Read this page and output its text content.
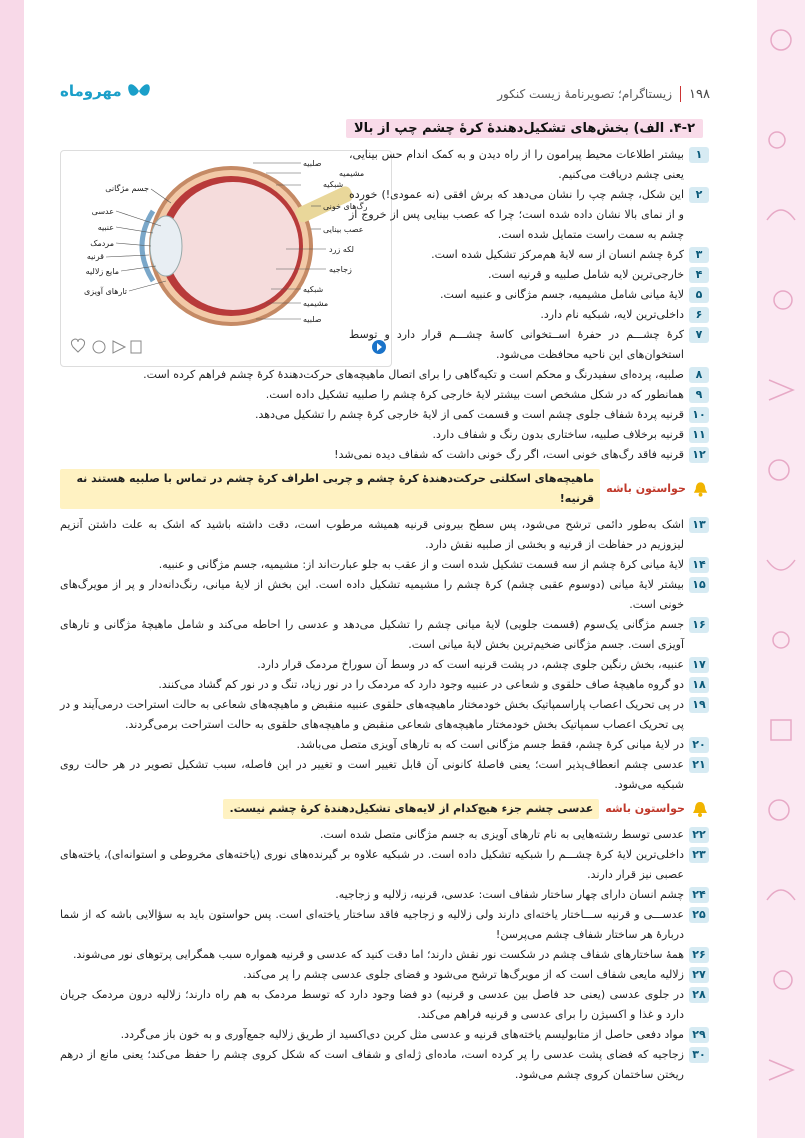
مهروماه	۱۹۸
زیستاگرام؛ تصویرنامهٔ زیست کنکور
۴-۲. الف) بخش‌های تشکیل‌دهندهٔ کرهٔ چشم چپ از بالا
صلبیه
مشیمیه
شبکیه
رگ‌های خونی
عصب بینایی
لکه زرد
زجاجیه
شبکیه
مشیمیه
صلبیه
جسم مژگانی
عدسی
عنبیه
مردمک
قرنیه
مایع زلالیه
تارهای آویزی
۱
بیشتر اطلاعات محیط پیرامون را از راه دیدن و به کمک اندام حس بینایی، یعنی چشم دریافت می‌کنیم.
۲
این شکل، چشم چپ را نشان می‌دهد که برش افقی (نه عمودی!) خورده و از نمای بالا نشان داده شده است؛ چرا که عصب بینایی پس از خروج از چشم به سمت راست متمایل شده است.
۳
کرهٔ چشم انسان از سه لایهٔ هم‌مرکز تشکیل شده است.
۴
خارجی‌ترین لایه شامل صلبیه و قرنیه است.
۵
لایهٔ میانی شامل مشیمیه، جسم مژگانی و عنبیه است.
۶
داخلی‌ترین لایه، شبکیه نام دارد.
۷
کرهٔ چشـــم در حفرهٔ اســتخوانی کاسهٔ چشـــم قرار دارد و توسط استخوان‌های این ناحیه محافظت می‌شود.
۸
صلبیه، پرده‌ای سفیدرنگ و محکم است و تکیه‌گاهی را برای اتصال ماهیچه‌های حرکت‌دهندهٔ کرهٔ چشم فراهم کرده است.
۹
همانطور که در شکل مشخص است بیشتر لایهٔ خارجی کرهٔ چشم را صلبیه تشکیل داده است.
۱۰
قرنیه پردهٔ شفاف جلوی چشم است و قسمت کمی از لایهٔ خارجی کرهٔ چشم را تشکیل می‌دهد.
۱۱
قرنیه برخلاف صلبیه، ساختاری بدون رنگ و شفاف دارد.
۱۲
قرنیه فاقد رگ‌های خونی است، اگر رگ خونی داشت که شفاف دیده نمی‌شد!
حواستون باشه
ماهیچه‌های اسکلتی حرکت‌دهندهٔ کرهٔ چشم و چربی اطراف کرهٔ چشم در تماس با صلبیه هستند نه قرنیه!
۱۳
اشک به‌طور دائمی ترشح می‌شود، پس سطح بیرونی قرنیه همیشه مرطوب است، دقت داشته باشید که اشک به علت داشتن آنزیم لیزوزیم در حفاظت از قرنیه و بخشی از صلبیه نقش دارد.
۱۴
لایهٔ میانی کرهٔ چشم از سه قسمت تشکیل شده است و از عقب به جلو عبارت‌اند از: مشیمیه، جسم مژگانی و عنبیه.
۱۵
بیشتر لایهٔ میانی (دوسوم عقبی چشم) کرهٔ چشم را مشیمیه تشکیل داده است. این بخش از لایهٔ میانی، رنگ‌دانه‌دار و پر از مویرگ‌های خونی است.
۱۶
جسم مژگانی یک‌سوم (قسمت جلویی) لایهٔ میانی چشم را تشکیل می‌دهد و عدسی را احاطه می‌کند و شامل ماهیچهٔ مژگانی و تارهای آویزی است. جسم مژگانی ضخیم‌ترین بخش لایهٔ میانی است.
۱۷
عنبیه، بخش رنگین جلوی چشم، در پشت قرنیه است که در وسط آن سوراخ مردمک قرار دارد.
۱۸
دو گروه ماهیچهٔ صاف حلقوی و شعاعی در عنبیه وجود دارد که مردمک را در نور زیاد، تنگ و در نور کم گشاد می‌کنند.
۱۹
در پی تحریک اعصاب پاراسمپاتیک بخش خودمختار ماهیچه‌های حلقوی عنبیه منقبض و ماهیچه‌های شعاعی به حالت استراحت درمی‌آیند و در پی تحریک اعصاب سمپاتیک بخش خودمختار ماهیچه‌های شعاعی منقبض و ماهیچه‌های حلقوی به حالت استراحت برمی‌گردند.
۲۰
در لایهٔ میانی کرهٔ چشم، فقط جسم مژگانی است که به تارهای آویزی متصل می‌باشد.
۲۱
عدسی چشم انعطاف‌پذیر است؛ یعنی فاصلهٔ کانونی آن قابل تغییر است و تغییر در این فاصله، سبب تشکیل تصویر در هر حالت روی شبکیه می‌شود.
حواستون باشه
عدسی چشم جزء هیچ‌کدام از لایه‌های تشکیل‌دهندهٔ کرهٔ چشم نیست.
۲۲
عدسی توسط رشته‌هایی به نام تارهای آویزی به جسم مژگانی متصل شده است.
۲۳
داخلی‌ترین لایهٔ کرهٔ چشـــم را شبکیه تشکیل داده است. در شبکیه علاوه بر گیرنده‌های نوری (یاخته‌های مخروطی و استوانه‌ای)، یاخته‌های عصبی نیز قرار دارند.
۲۴
چشم انسان دارای چهار ساختار شفاف است: عدسی، قرنیه، زلالیه و زجاجیه.
۲۵
عدســـی و قرنیه ســـاختار یاخته‌ای دارند ولی زلالیه و زجاجیه فاقد ساختار یاخته‌ای است. پس حواستون باید به سؤالایی باشه که از شما دربارهٔ هر ساختار شفاف چشم می‌پرسن!
۲۶
همهٔ ساختارهای شفاف چشم در شکست نور نقش دارند؛ اما دقت کنید که عدسی و قرنیه همواره سبب همگرایی پرتوهای نور می‌شوند.
۲۷
زلالیه مایعی شفاف است که از مویرگ‌ها ترشح می‌شود و فضای جلوی عدسی چشم را پر می‌کند.
۲۸
در جلوی عدسی (یعنی حد فاصل بین عدسی و قرنیه) دو فضا وجود دارد که توسط مردمک به هم راه دارند؛ زلالیه درون مردمک جریان دارد و غذا و اکسیژن را برای عدسی و قرنیه فراهم می‌کند.
۲۹
مواد دفعی حاصل از متابولیسم یاخته‌های قرنیه و عدسی مثل کربن دی‌اکسید از طریق زلالیه جمع‌آوری و به خون باز می‌گردد.
۳۰
زجاجیه که فضای پشت عدسی را پر کرده است، ماده‌ای ژله‌ای و شفاف است که شکل کروی چشم را حفظ می‌کند؛ یعنی مانع از درهم ریختن ساختمان کروی چشم می‌شود.
